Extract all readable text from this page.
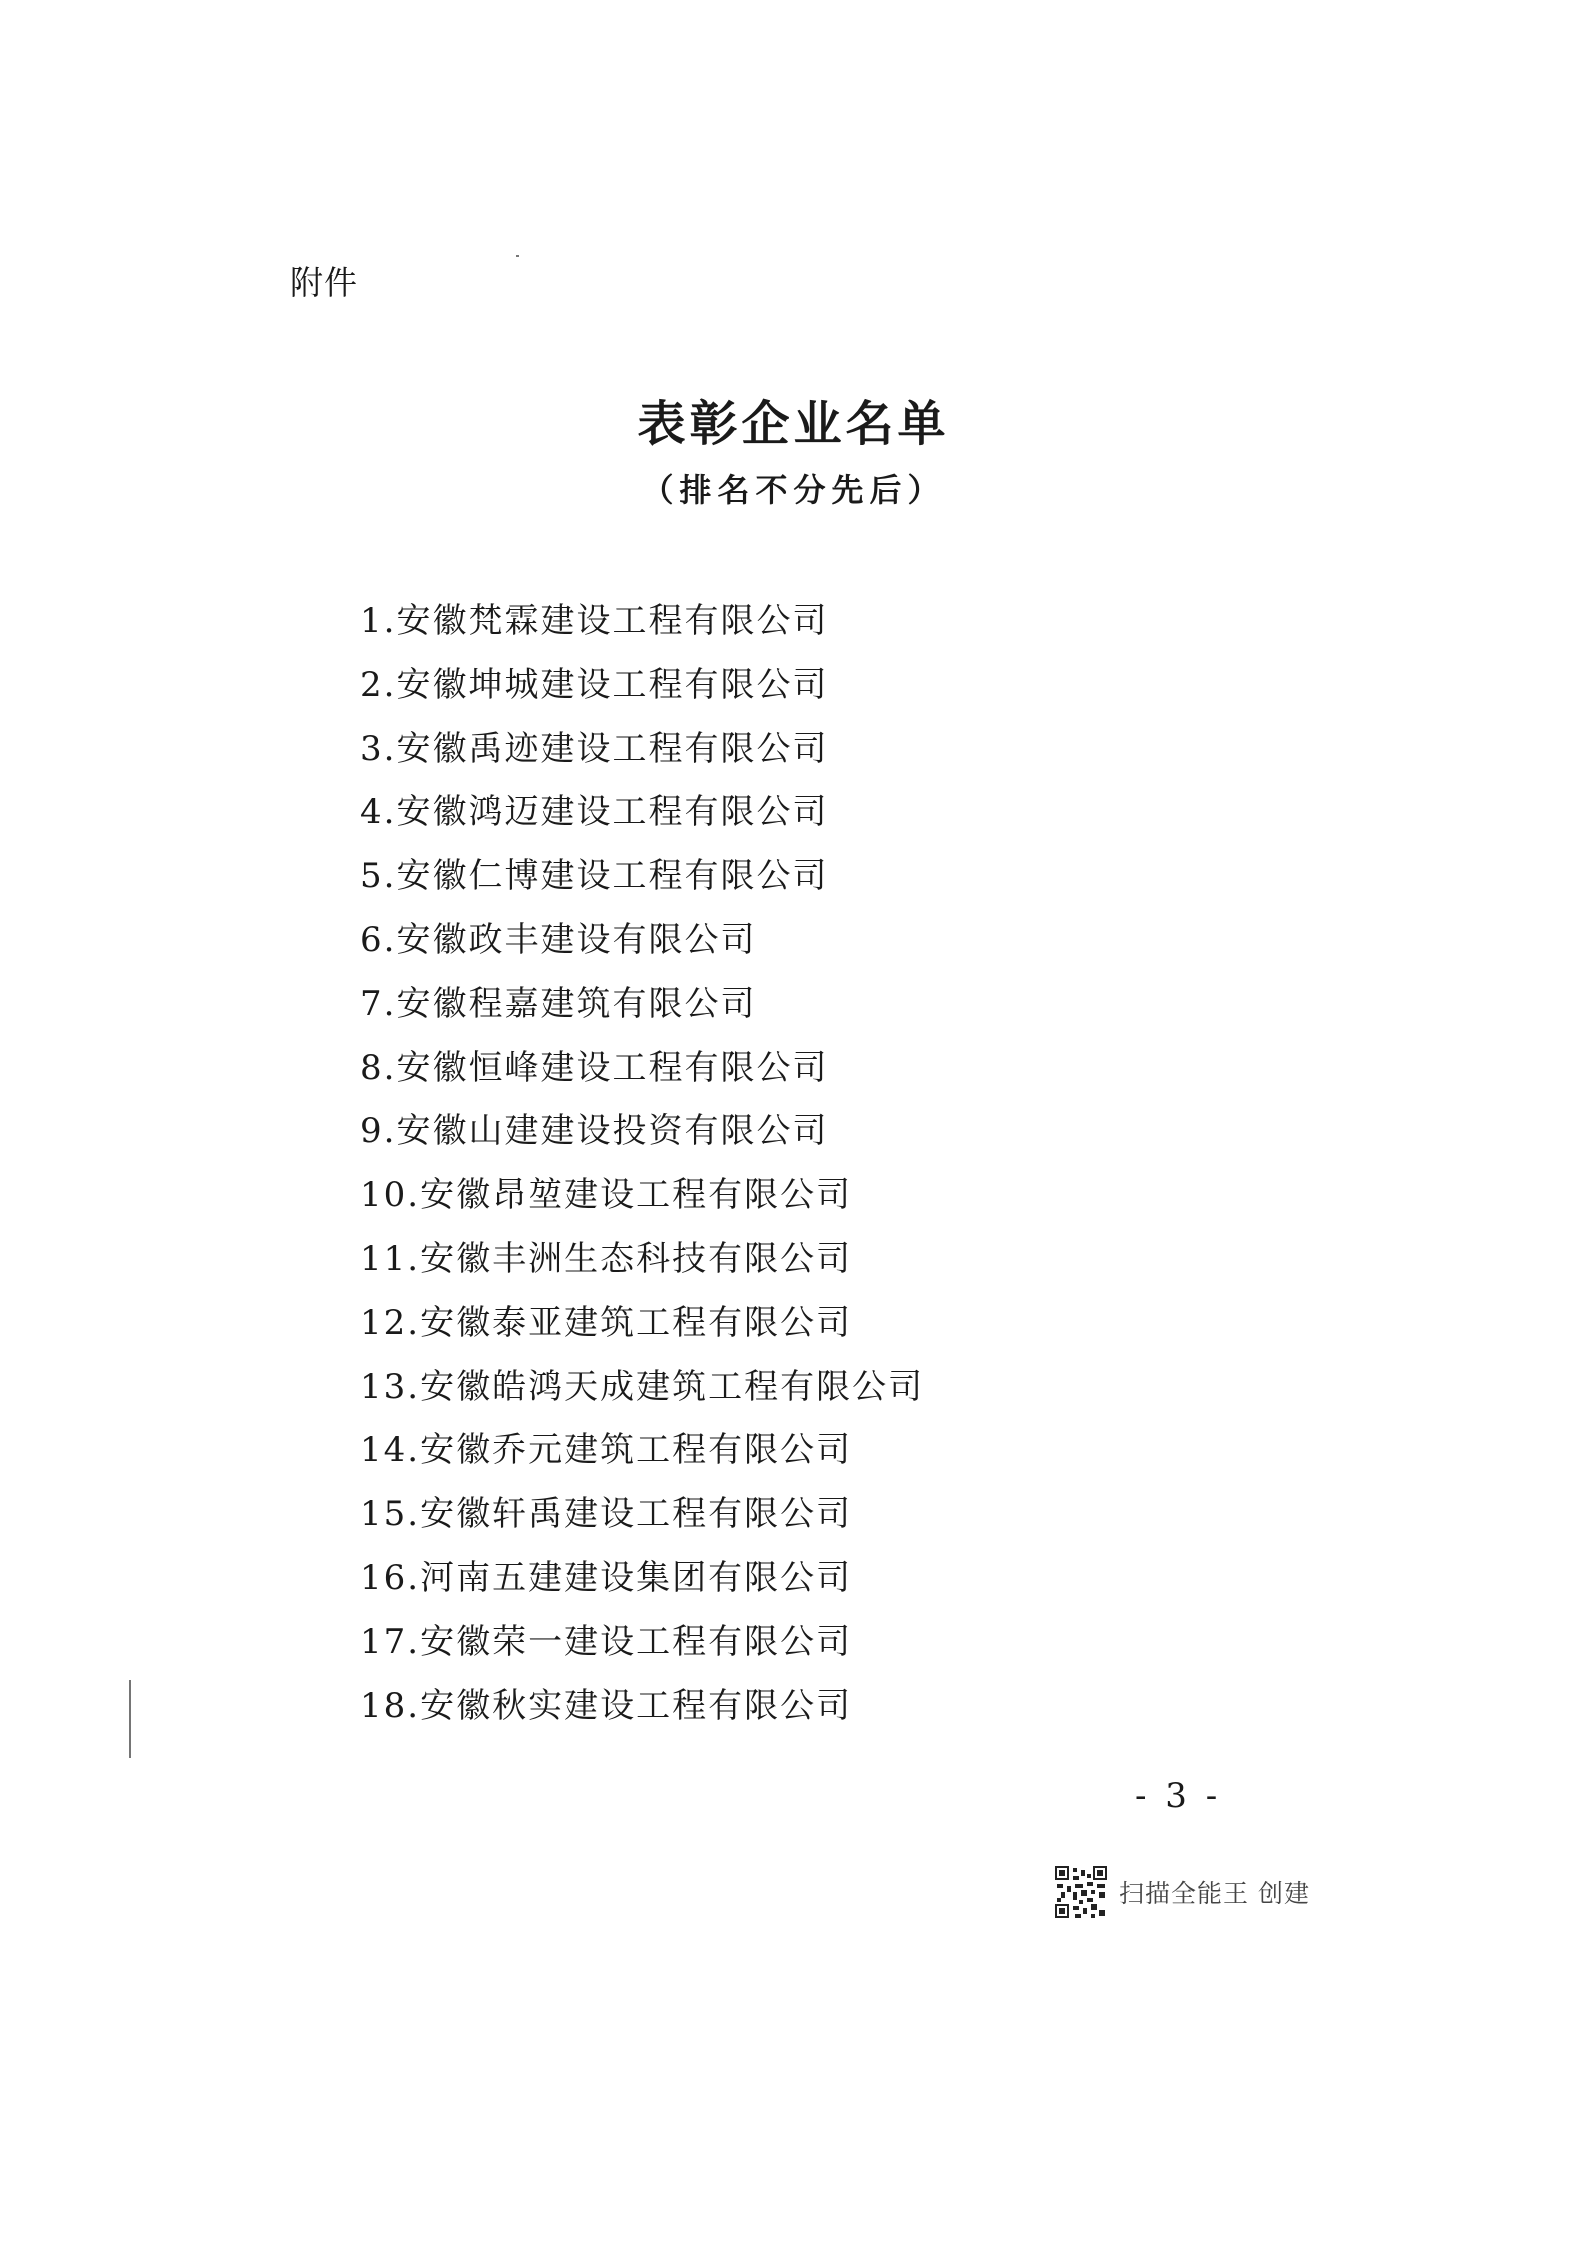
附件
表彰企业名单
（排名不分先后）
1.安徽梵霖建设工程有限公司
2.安徽坤城建设工程有限公司
3.安徽禹迹建设工程有限公司
4.安徽鸿迈建设工程有限公司
5.安徽仁博建设工程有限公司
6.安徽政丰建设有限公司
7.安徽程嘉建筑有限公司
8.安徽恒峰建设工程有限公司
9.安徽山建建设投资有限公司
10.安徽昂堃建设工程有限公司
11.安徽丰洲生态科技有限公司
12.安徽泰亚建筑工程有限公司
13.安徽皓鸿天成建筑工程有限公司
14.安徽乔元建筑工程有限公司
15.安徽轩禹建设工程有限公司
16.河南五建建设集团有限公司
17.安徽荣一建设工程有限公司
18.安徽秋实建设工程有限公司
- 3 -
扫描全能王 创建
